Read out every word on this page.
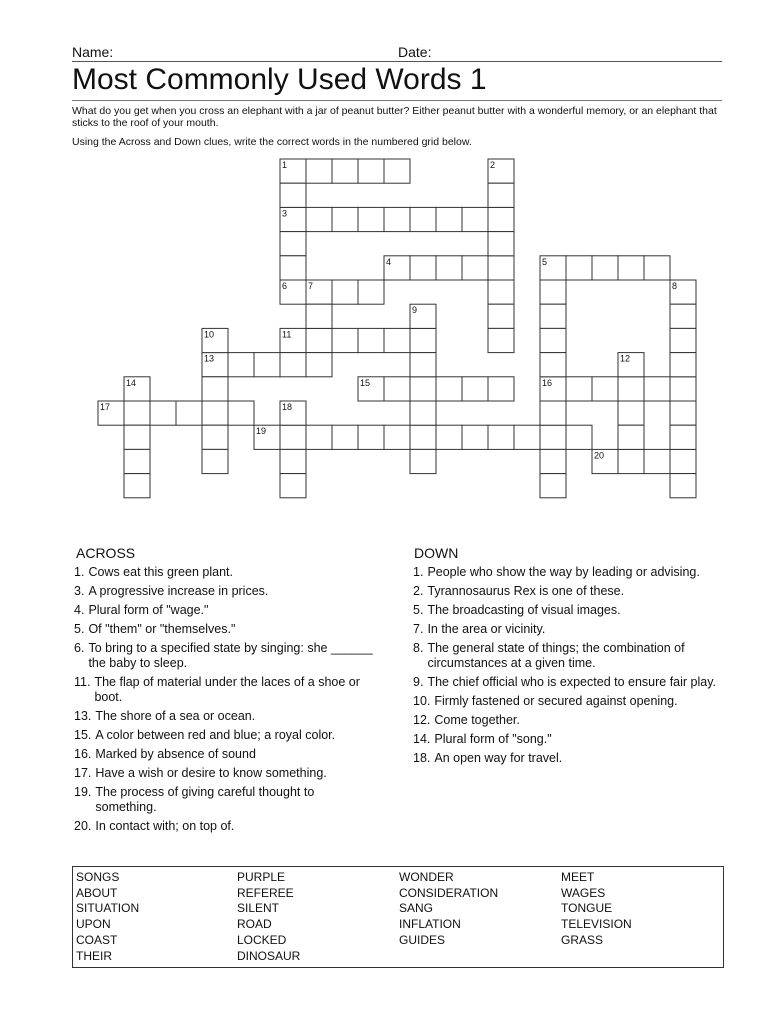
Name:	Date:
Most Commonly Used Words 1
What do you get when you cross an elephant with a jar of peanut butter? Either peanut butter with a wonderful memory, or an elephant that sticks to the roof of your mouth.
Using the Across and Down clues, write the correct words in the numbered grid below.
1
3
4	5
6 7
11
13
15	16
17
19
20
2
8
9
10
12
14
18
ACROSS
1. Cows eat this green plant.
3. A progressive increase in prices.
4. Plural form of "wage."
5. Of "them" or "themselves."
6. To bring to a specified state by singing: she ______ the baby to sleep.
11. The flap of material under the laces of a shoe or boot.
13. The shore of a sea or ocean.
15. A color between red and blue; a royal color.
16. Marked by absence of sound
17. Have a wish or desire to know something.
19. The process of giving careful thought to something.
20. In contact with; on top of.
DOWN
1. People who show the way by leading or advising.
2. Tyrannosaurus Rex is one of these.
5. The broadcasting of visual images.
7. In the area or vicinity.
8. The general state of things; the combination of circumstances at a given time.
9. The chief official who is expected to ensure fair play.
10. Firmly fastened or secured against opening.
12. Come together.
14. Plural form of "song."
18. An open way for travel.
SONGS
ABOUT
SITUATION
UPON
COAST
THEIR
PURPLE
REFEREE
SILENT
ROAD
LOCKED
DINOSAUR
WONDER
CONSIDERATION
SANG
INFLATION
GUIDES
MEET
WAGES
TONGUE
TELEVISION
GRASS
